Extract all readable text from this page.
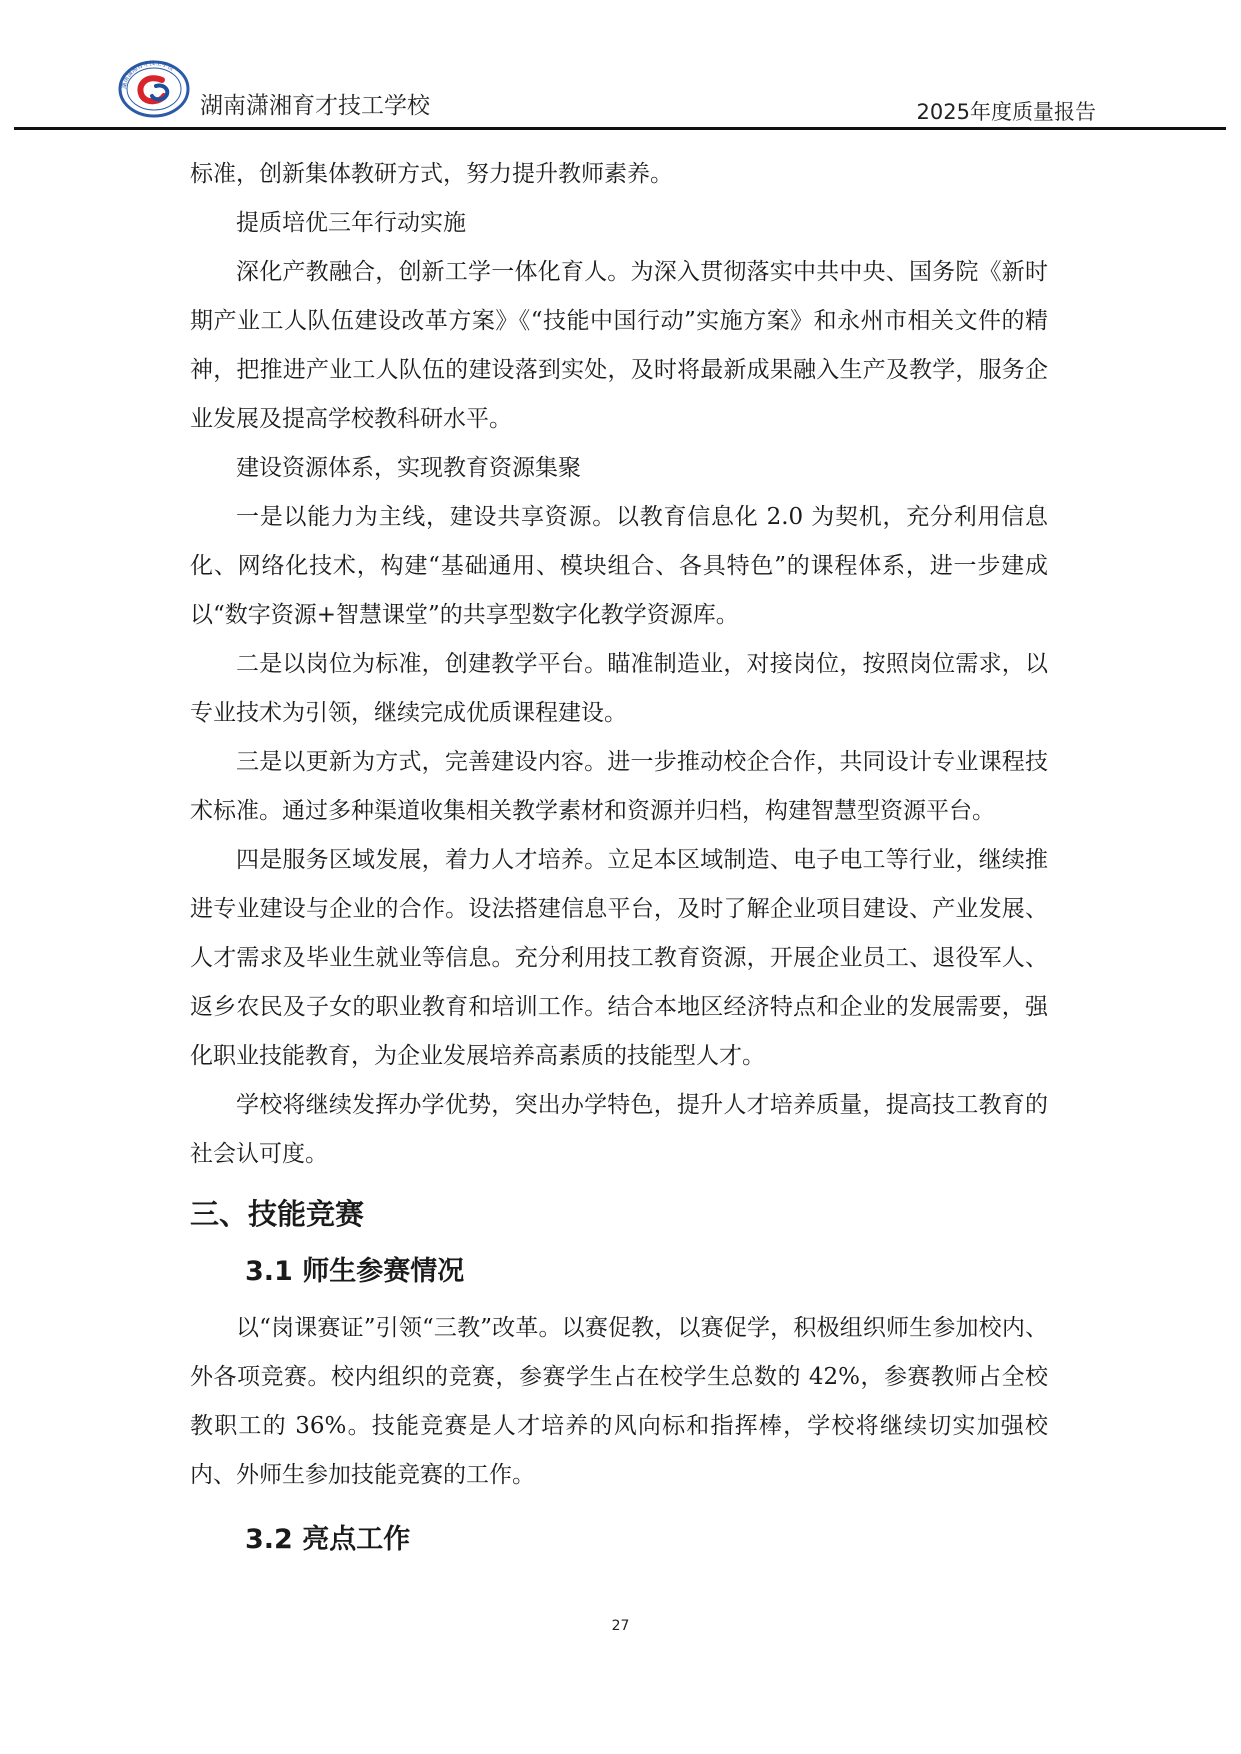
湖南潇湘育才技工学校
湖南潇湘育才技工学校	2025年度质量报告

标准，创新集体教研方式，努力提升教师素养。

提质培优三年行动实施

深化产教融合，创新工学一体化育人。为深入贯彻落实中共中央、国务院《新时期产业工人队伍建设改革方案》《“技能中国行动”实施方案》和永州市相关文件的精神，把推进产业工人队伍的建设落到实处，及时将最新成果融入生产及教学，服务企业发展及提高学校教科研水平。

建设资源体系，实现教育资源集聚

一是以能力为主线，建设共享资源。以教育信息化 2.0 为契机，充分利用信息化、网络化技术，构建“基础通用、模块组合、各具特色”的课程体系，进一步建成以“数字资源+智慧课堂”的共享型数字化教学资源库。

二是以岗位为标准，创建教学平台。瞄准制造业，对接岗位，按照岗位需求，以专业技术为引领，继续完成优质课程建设。

三是以更新为方式，完善建设内容。进一步推动校企合作，共同设计专业课程技术标准。通过多种渠道收集相关教学素材和资源并归档，构建智慧型资源平台。

四是服务区域发展，着力人才培养。立足本区域制造、电子电工等行业，继续推进专业建设与企业的合作。设法搭建信息平台，及时了解企业项目建设、产业发展、人才需求及毕业生就业等信息。充分利用技工教育资源，开展企业员工、退役军人、返乡农民及子女的职业教育和培训工作。结合本地区经济特点和企业的发展需要，强化职业技能教育，为企业发展培养高素质的技能型人才。

学校将继续发挥办学优势，突出办学特色，提升人才培养质量，提高技工教育的社会认可度。

三、技能竞赛
3.1 师生参赛情况

以“岗课赛证”引领“三教”改革。以赛促教，以赛促学，积极组织师生参加校内、外各项竞赛。校内组织的竞赛，参赛学生占在校学生总数的 42%，参赛教师占全校教职工的 36%。技能竞赛是人才培养的风向标和指挥棒，学校将继续切实加强校内、外师生参加技能竞赛的工作。

3.2 亮点工作
27
